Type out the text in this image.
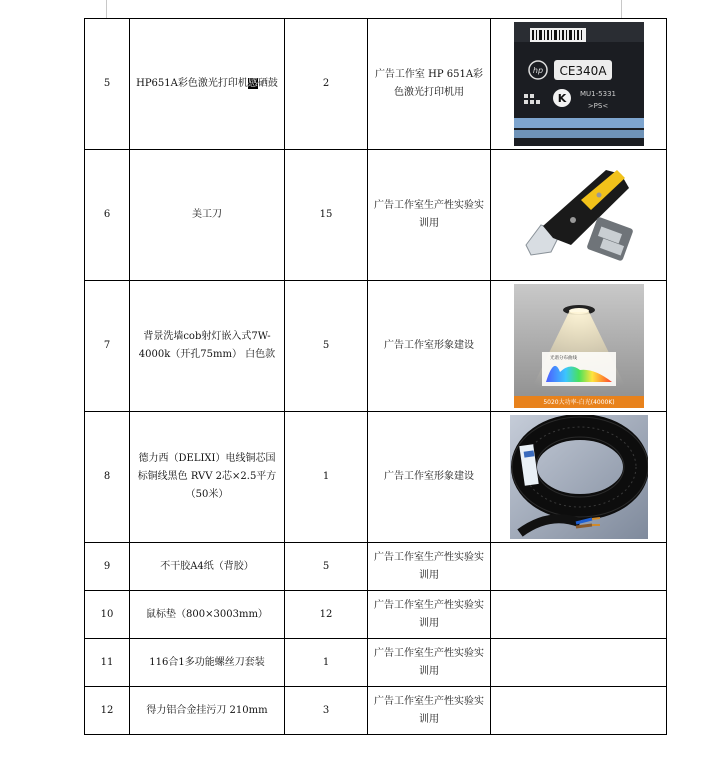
5	HP651A彩色激光打印机感硒鼓	2	广告工作室 HP 651A彩色激光打印机用	hp CE340A
K MU1-5331
>PS<

6	美工刀	15	广告工作室生产性实验实训用	

7	背景洗墙cob射灯嵌入式7W-4000k（开孔75mm） 白色款	5	广告工作室形象建设	光谱分布曲线
5020大功率-白光(4000K)

8	德力西（DELIXI）电线铜芯国标铜线黑色 RVV 2芯×2.5平方（50米）	1	广告工作室形象建设	

9	不干胶A4纸（背胶）	5	广告工作室生产性实验实训用	
10	鼠标垫（800×3003mm）	12	广告工作室生产性实验实训用	
11	116合1多功能螺丝刀套装	1	广告工作室生产性实验实训用	
12	得力铝合金挂污刀 210mm	3	广告工作室生产性实验实训用	
